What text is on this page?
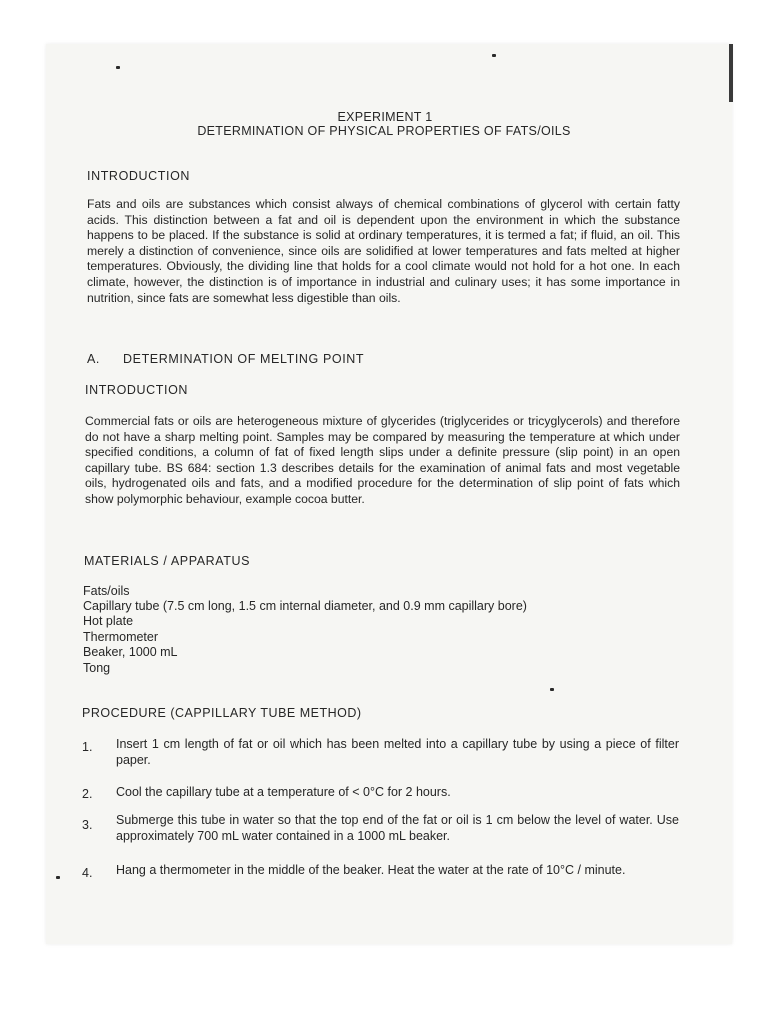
EXPERIMENT 1
DETERMINATION OF PHYSICAL PROPERTIES OF FATS/OILS
INTRODUCTION
Fats and oils are substances which consist always of chemical combinations of glycerol with certain fatty acids. This distinction between a fat and oil is dependent upon the environment in which the substance happens to be placed. If the substance is solid at ordinary temperatures, it is termed a fat; if fluid, an oil. This merely a distinction of convenience, since oils are solidified at lower temperatures and fats melted at higher temperatures. Obviously, the dividing line that holds for a cool climate would not hold for a hot one. In each climate, however, the distinction is of importance in industrial and culinary uses; it has some importance in nutrition, since fats are somewhat less digestible than oils.
A. DETERMINATION OF MELTING POINT
INTRODUCTION
Commercial fats or oils are heterogeneous mixture of glycerides (triglycerides or tricyglycerols) and therefore do not have a sharp melting point. Samples may be compared by measuring the temperature at which under specified conditions, a column of fat of fixed length slips under a definite pressure (slip point) in an open capillary tube. BS 684: section 1.3 describes details for the examination of animal fats and most vegetable oils, hydrogenated oils and fats, and a modified procedure for the determination of slip point of fats which show polymorphic behaviour, example cocoa butter.
MATERIALS / APPARATUS
Fats/oils
Capillary tube (7.5 cm long, 1.5 cm internal diameter, and 0.9 mm capillary bore)
Hot plate
Thermometer
Beaker, 1000 mL
Tong
PROCEDURE (CAPPILLARY TUBE METHOD)
1. Insert 1 cm length of fat or oil which has been melted into a capillary tube by using a piece of filter paper.
2. Cool the capillary tube at a temperature of < 0°C for 2 hours.
3. Submerge this tube in water so that the top end of the fat or oil is 1 cm below the level of water. Use approximately 700 mL water contained in a 1000 mL beaker.
4. Hang a thermometer in the middle of the beaker. Heat the water at the rate of 10°C / minute.
